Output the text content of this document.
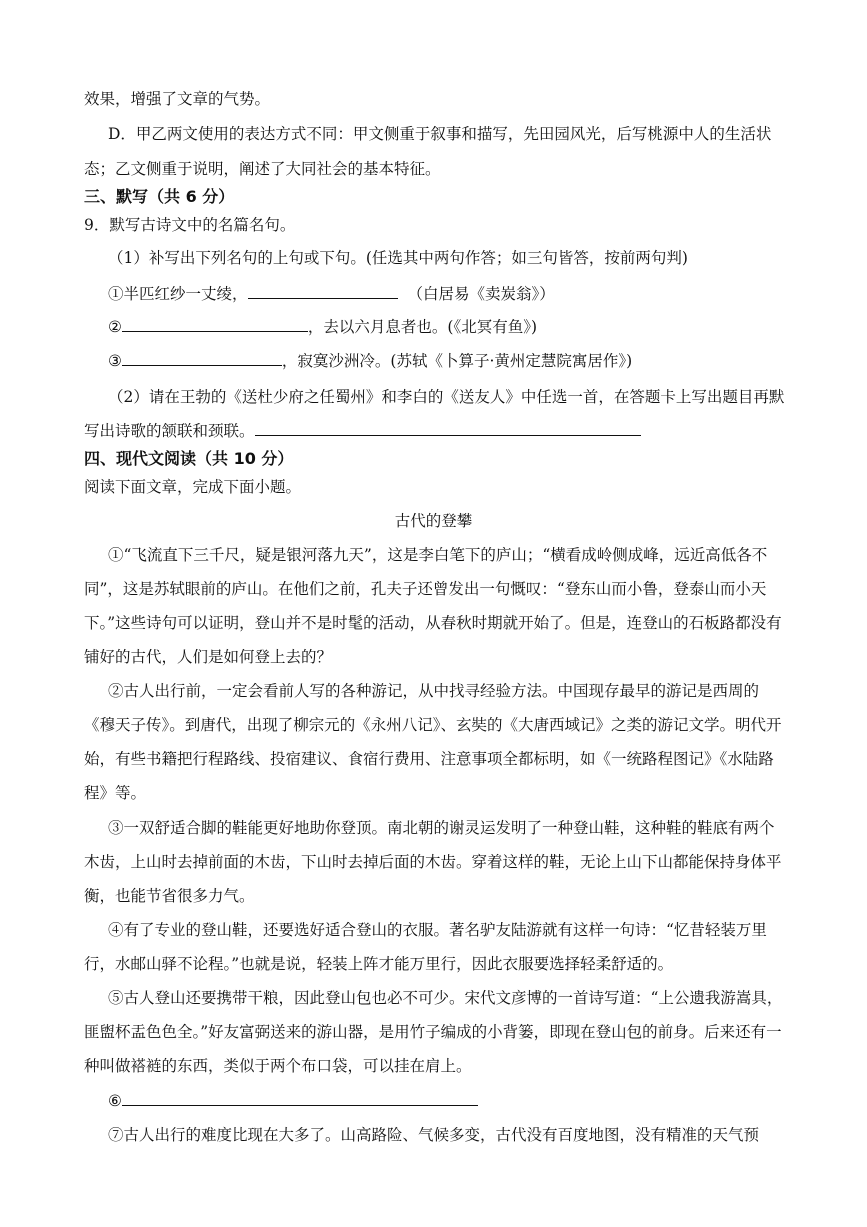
效果，增强了文章的气势。
D．甲乙两文使用的表达方式不同：甲文侧重于叙事和描写，先田园风光，后写桃源中人的生活状
态；乙文侧重于说明，阐述了大同社会的基本特征。
三、默写（共 6 分）
9．默写古诗文中的名篇名句。
（1）补写出下列名句的上句或下句。(任选其中两句作答；如三句皆答，按前两句判)
①半匹红纱一丈绫，	（白居易《卖炭翁》）
②	，去以六月息者也。(《北冥有鱼》)
③	，寂寞沙洲冷。(苏轼《卜算子·黄州定慧院寓居作》)
（2）请在王勃的《送杜少府之任蜀州》和李白的《送友人》中任选一首，在答题卡上写出题目再默
写出诗歌的颔联和颈联。
四、现代文阅读（共 10 分）
阅读下面文章，完成下面小题。
古代的登攀
①“飞流直下三千尺，疑是银河落九天”，这是李白笔下的庐山；“横看成岭侧成峰，远近高低各不
同”，这是苏轼眼前的庐山。在他们之前，孔夫子还曾发出一句慨叹：“登东山而小鲁，登泰山而小天
下。”这些诗句可以证明，登山并不是时髦的活动，从春秋时期就开始了。但是，连登山的石板路都没有
铺好的古代，人们是如何登上去的？
②古人出行前，一定会看前人写的各种游记，从中找寻经验方法。中国现存最早的游记是西周的
《穆天子传》。到唐代，出现了柳宗元的《永州八记》、玄奘的《大唐西域记》之类的游记文学。明代开
始，有些书籍把行程路线、投宿建议、食宿行费用、注意事项全都标明，如《一统路程图记》《水陆路
程》等。
③一双舒适合脚的鞋能更好地助你登顶。南北朝的谢灵运发明了一种登山鞋，这种鞋的鞋底有两个
木齿，上山时去掉前面的木齿，下山时去掉后面的木齿。穿着这样的鞋，无论上山下山都能保持身体平
衡，也能节省很多力气。
④有了专业的登山鞋，还要选好适合登山的衣服。著名驴友陆游就有这样一句诗：“忆昔轻装万里
行，水邮山驿不论程。”也就是说，轻装上阵才能万里行，因此衣服要选择轻柔舒适的。
⑤古人登山还要携带干粮，因此登山包也必不可少。宋代文彦博的一首诗写道：“上公遗我游嵩具，
匪盥杯盂色色全。”好友富弼送来的游山器，是用竹子编成的小背篓，即现在登山包的前身。后来还有一
种叫做褡裢的东西，类似于两个布口袋，可以挂在肩上。
⑥
⑦古人出行的难度比现在大多了。山高路险、气候多变，古代没有百度地图，没有精准的天气预
